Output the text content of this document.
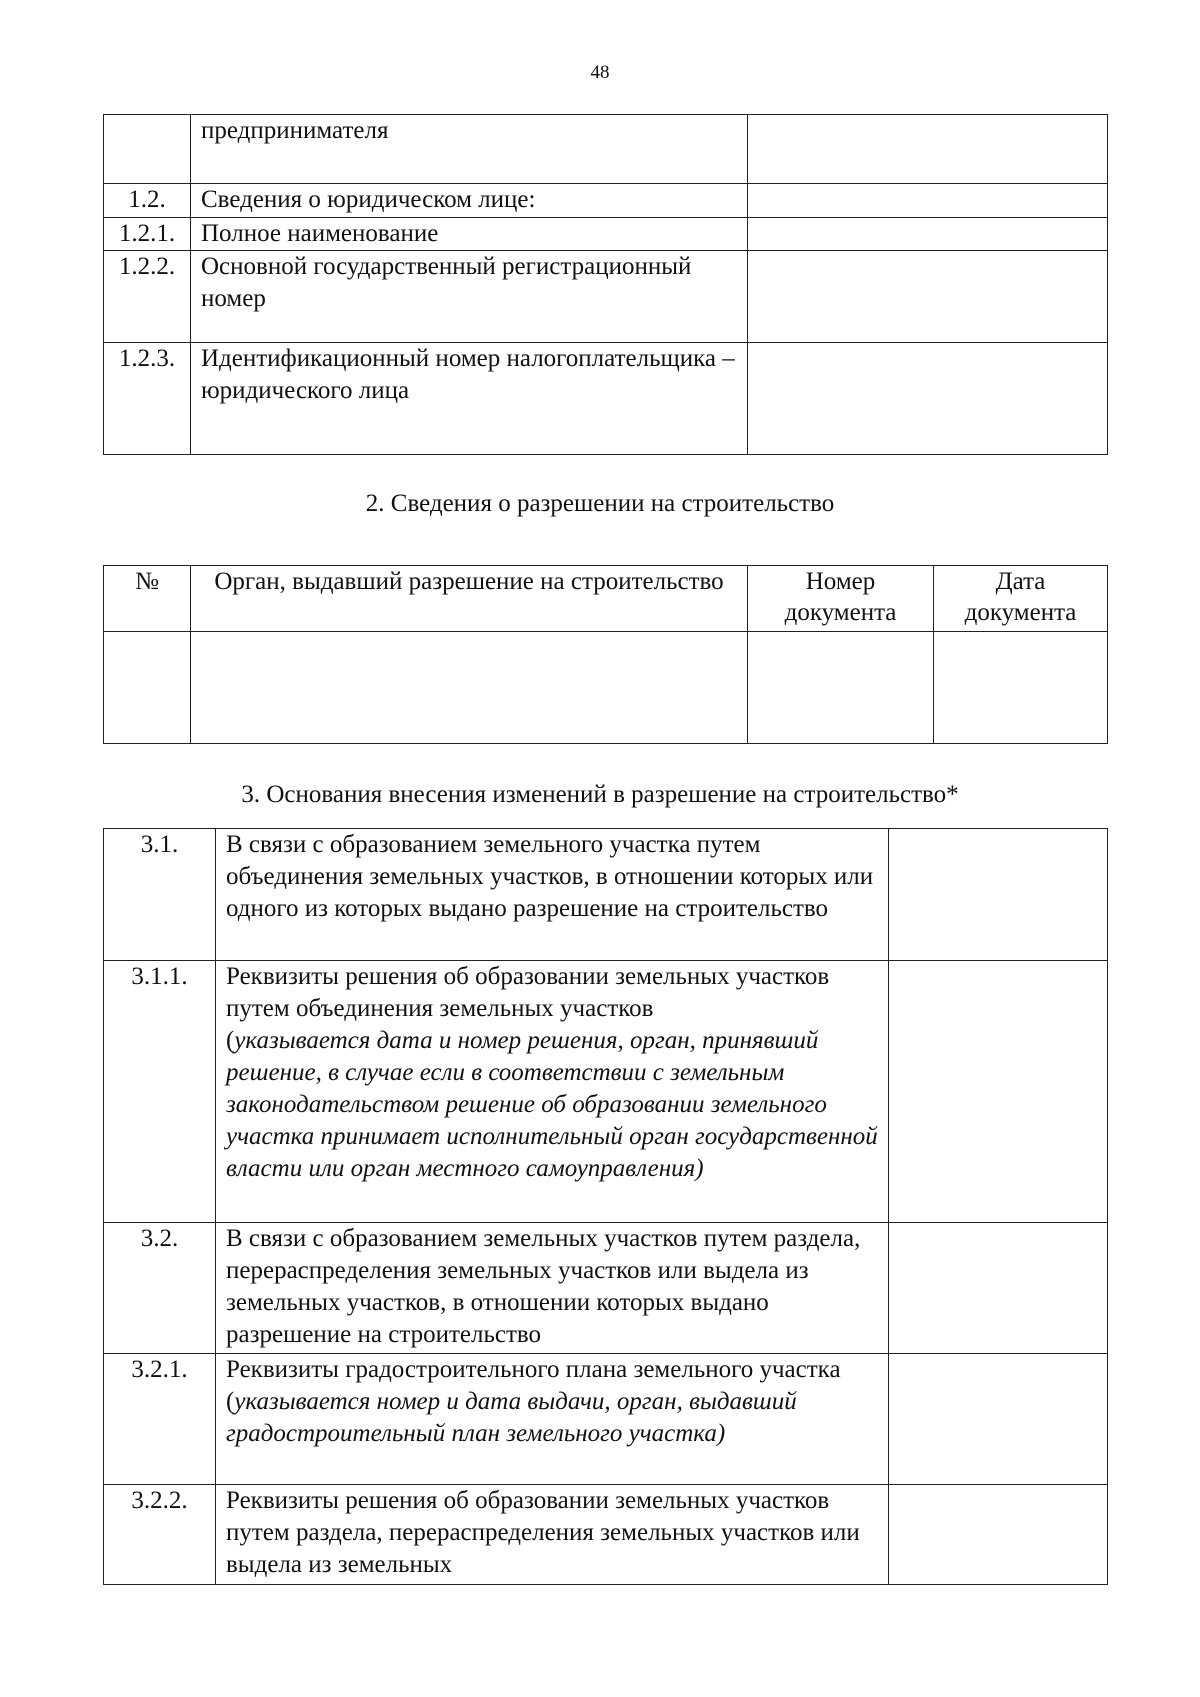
48
	предпринимателя	
1.2.	Сведения о юридическом лице:	
1.2.1.	Полное наименование	
1.2.2.	Основной государственный регистрационный номер	
1.2.3.	Идентификационный номер налогоплательщика – юридического лица	
2. Сведения о разрешении на строительство
№	Орган, выдавший разрешение на строительство	Номер документа	Дата документа

3. Основания внесения изменений в разрешение на строительство*
3.1.	В связи с образованием земельного участка путем объединения земельных участков, в отношении которых или одного из которых выдано разрешение на строительство	

3.1.1.	Реквизиты решения об образовании земельных участков путем объединения земельных участков
(указывается дата и номер решения, орган, принявший решение, в случае если в соответствии с земельным законодательством решение об образовании земельного участка принимает исполнительный орган государственной власти или орган местного самоуправления)	
3.2.	В связи с образованием земельных участков путем раздела, перераспределения земельных участков или выдела из земельных участков, в отношении которых выдано разрешение на строительство	

3.2.1.	Реквизиты градостроительного плана земельного участка
(указывается номер и дата выдачи, орган, выдавший градостроительный план земельного участка)	
3.2.2.	Реквизиты решения об образовании земельных участков путем раздела, перераспределения земельных участков или выдела из земельных	
